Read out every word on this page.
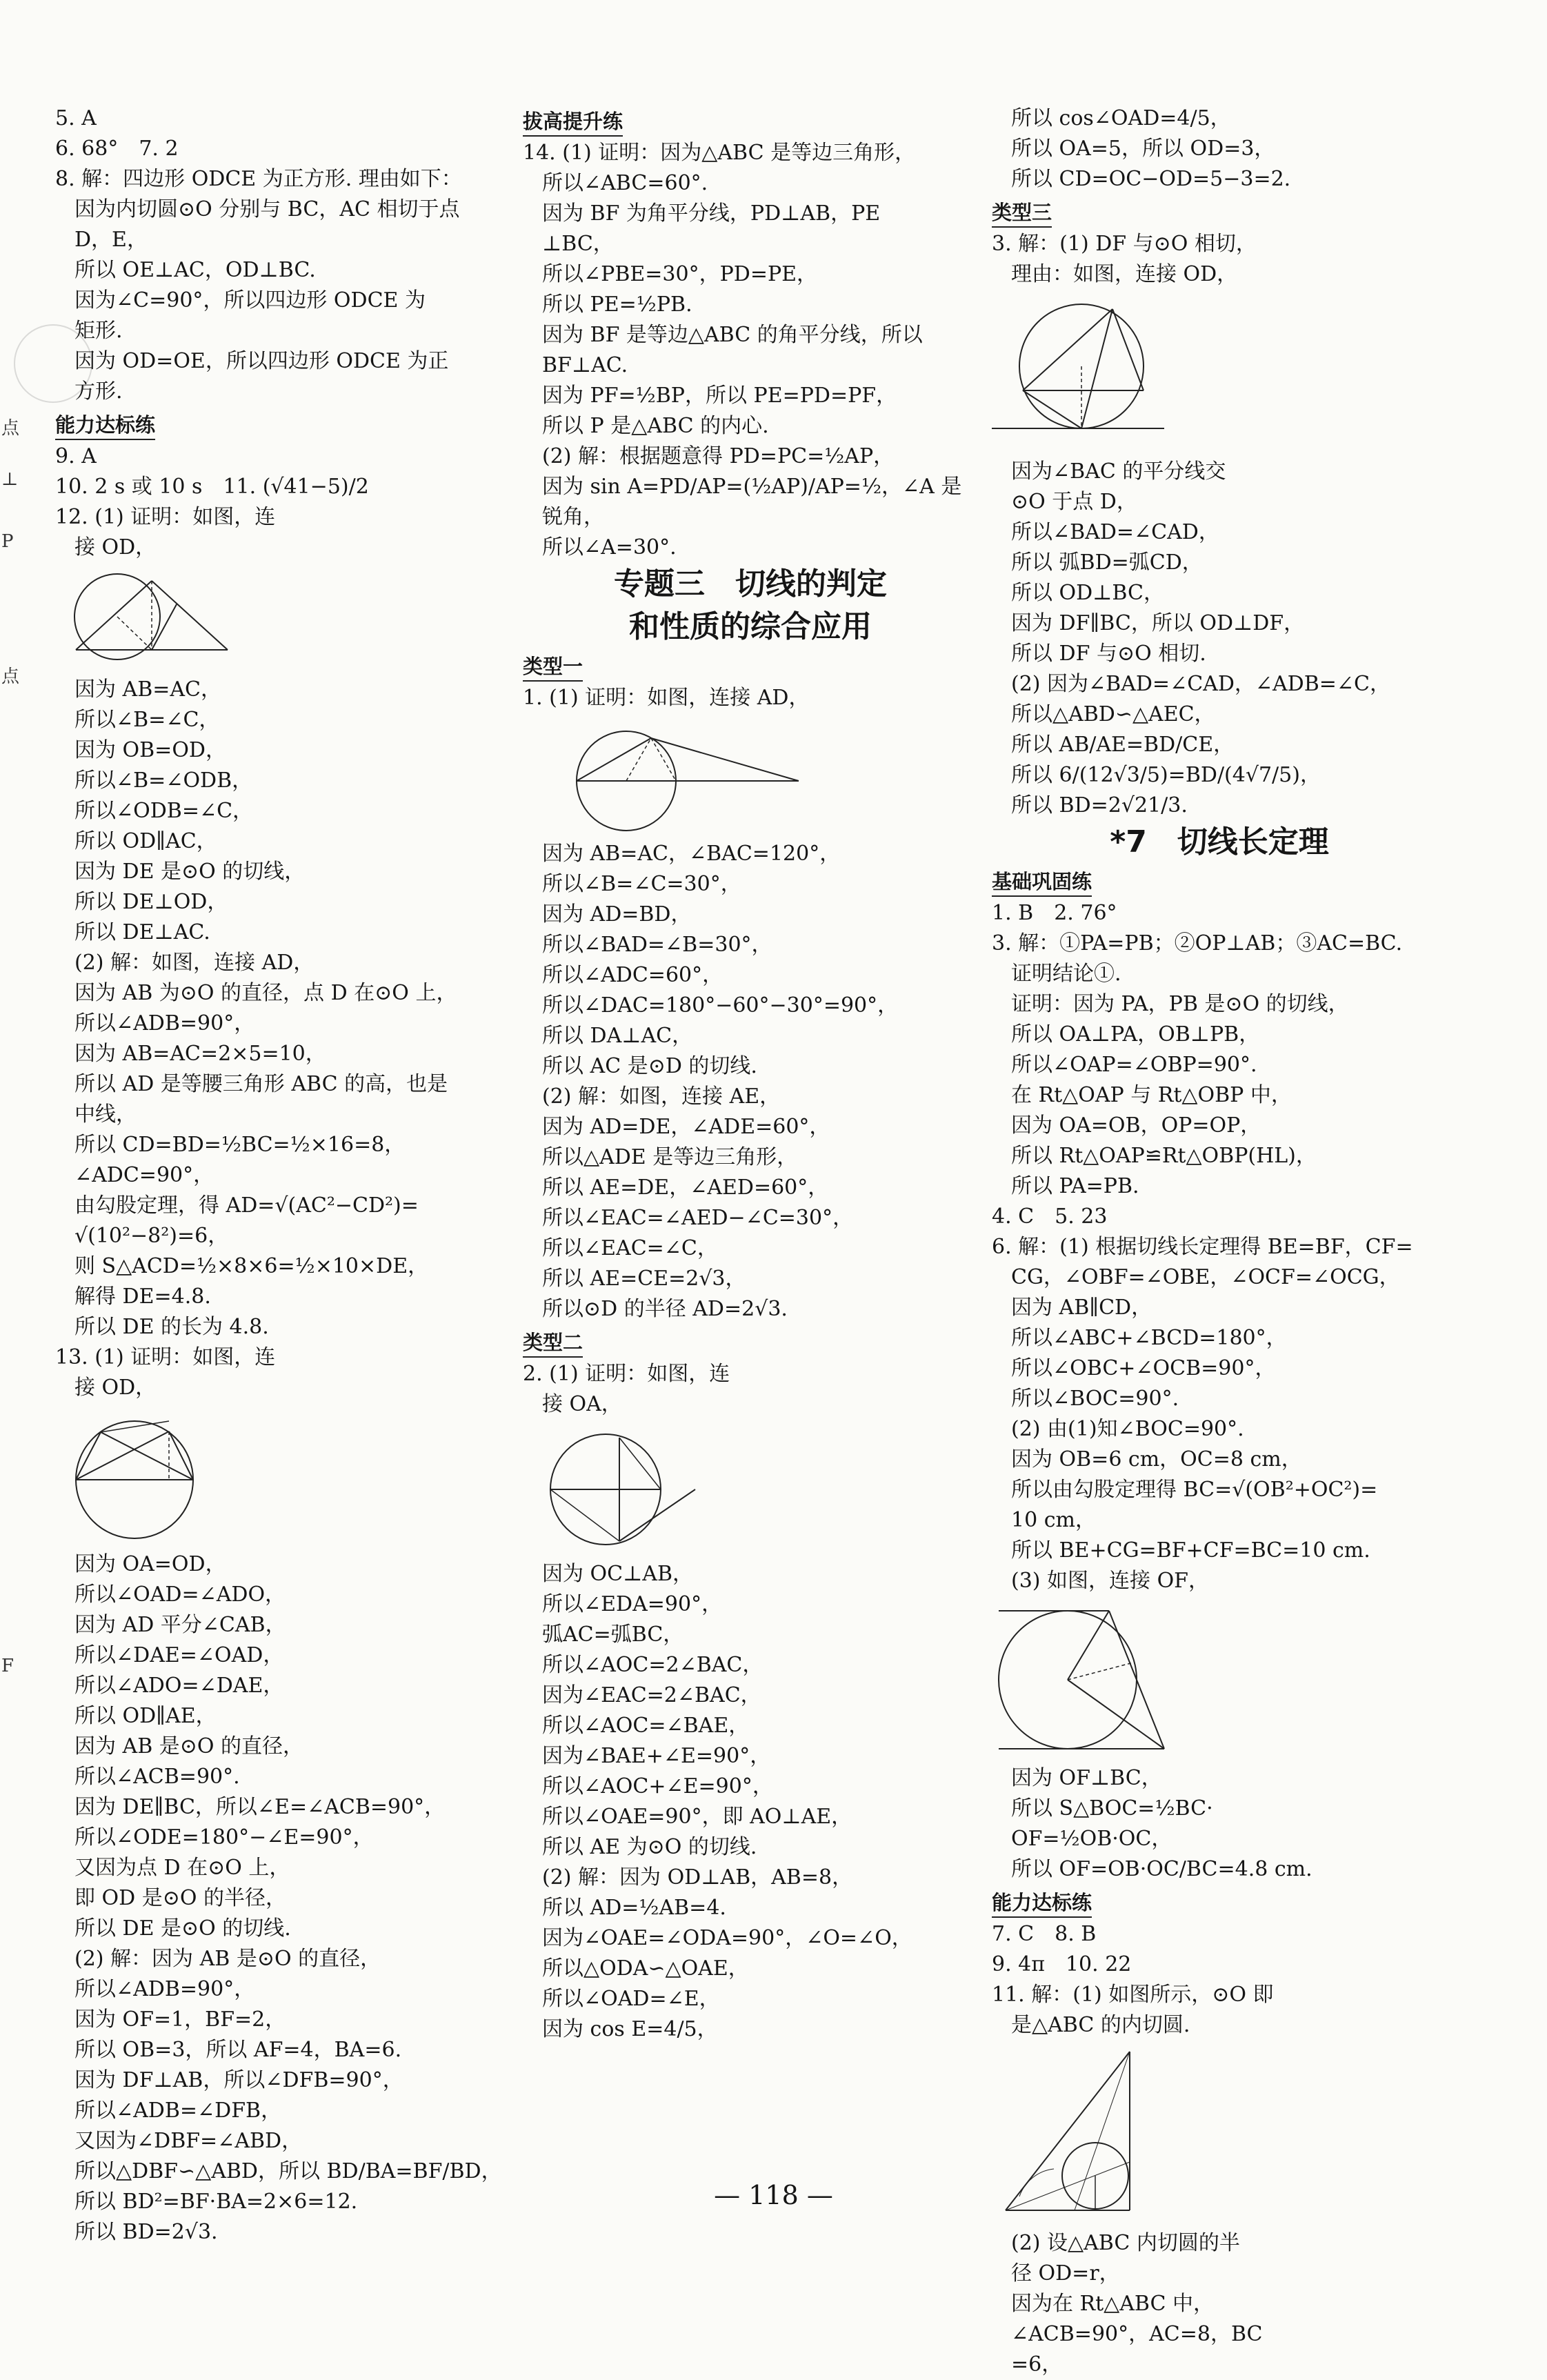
点
⊥
P
点
F
5. A
6. 68°　7. 2
8. 解：四边形 ODCE 为正方形. 理由如下：
因为内切圆⊙O 分别与 BC，AC 相切于点
D，E，
所以 OE⊥AC，OD⊥BC.
因为∠C=90°，所以四边形 ODCE 为
矩形.
因为 OD=OE，所以四边形 ODCE 为正
方形.
能力达标练
9. A
10. 2 s 或 10 s　11. (√41−5)/2
12. (1) 证明：如图，连
接 OD，
因为 AB=AC，
所以∠B=∠C，
因为 OB=OD，
所以∠B=∠ODB，
所以∠ODB=∠C，
所以 OD∥AC，
因为 DE 是⊙O 的切线，
所以 DE⊥OD，
所以 DE⊥AC.
(2) 解：如图，连接 AD，
因为 AB 为⊙O 的直径，点 D 在⊙O 上，
所以∠ADB=90°，
因为 AB=AC=2×5=10，
所以 AD 是等腰三角形 ABC 的高，也是
中线，
所以 CD=BD=½BC=½×16=8，
∠ADC=90°，
由勾股定理，得 AD=√(AC²−CD²)=
√(10²−8²)=6，
则 S△ACD=½×8×6=½×10×DE，
解得 DE=4.8.
所以 DE 的长为 4.8.
13. (1) 证明：如图，连
接 OD，
因为 OA=OD，
所以∠OAD=∠ADO，
因为 AD 平分∠CAB，
所以∠DAE=∠OAD，
所以∠ADO=∠DAE，
所以 OD∥AE，
因为 AB 是⊙O 的直径，
所以∠ACB=90°.
因为 DE∥BC，所以∠E=∠ACB=90°，
所以∠ODE=180°−∠E=90°，
又因为点 D 在⊙O 上，
即 OD 是⊙O 的半径，
所以 DE 是⊙O 的切线.
(2) 解：因为 AB 是⊙O 的直径，
所以∠ADB=90°，
因为 OF=1，BF=2，
所以 OB=3，所以 AF=4，BA=6.
因为 DF⊥AB，所以∠DFB=90°，
所以∠ADB=∠DFB，
又因为∠DBF=∠ABD，
所以△DBF∽△ABD，所以 BD/BA=BF/BD，
所以 BD²=BF·BA=2×6=12.
所以 BD=2√3.
拔高提升练
14. (1) 证明：因为△ABC 是等边三角形，
所以∠ABC=60°.
因为 BF 为角平分线，PD⊥AB，PE
⊥BC，
所以∠PBE=30°，PD=PE，
所以 PE=½PB.
因为 BF 是等边△ABC 的角平分线，所以
BF⊥AC.
因为 PF=½BP，所以 PE=PD=PF，
所以 P 是△ABC 的内心.
(2) 解：根据题意得 PD=PC=½AP，
因为 sin A=PD/AP=(½AP)/AP=½，∠A 是
锐角，
所以∠A=30°.
专题三　切线的判定
和性质的综合应用
类型一
1. (1) 证明：如图，连接 AD，
因为 AB=AC，∠BAC=120°，
所以∠B=∠C=30°，
因为 AD=BD，
所以∠BAD=∠B=30°，
所以∠ADC=60°，
所以∠DAC=180°−60°−30°=90°，
所以 DA⊥AC，
所以 AC 是⊙D 的切线.
(2) 解：如图，连接 AE，
因为 AD=DE，∠ADE=60°，
所以△ADE 是等边三角形，
所以 AE=DE，∠AED=60°，
所以∠EAC=∠AED−∠C=30°，
所以∠EAC=∠C，
所以 AE=CE=2√3，
所以⊙D 的半径 AD=2√3.
类型二
2. (1) 证明：如图，连
接 OA，
因为 OC⊥AB，
所以∠EDA=90°，
弧AC=弧BC，
所以∠AOC=2∠BAC，
因为∠EAC=2∠BAC，
所以∠AOC=∠BAE，
因为∠BAE+∠E=90°，
所以∠AOC+∠E=90°，
所以∠OAE=90°，即 AO⊥AE，
所以 AE 为⊙O 的切线.
(2) 解：因为 OD⊥AB，AB=8，
所以 AD=½AB=4.
因为∠OAE=∠ODA=90°，∠O=∠O，
所以△ODA∽△OAE，
所以∠OAD=∠E，
因为 cos E=4/5，
所以 cos∠OAD=4/5，
所以 OA=5，所以 OD=3，
所以 CD=OC−OD=5−3=2.
类型三
3. 解：(1) DF 与⊙O 相切，
理由：如图，连接 OD，
因为∠BAC 的平分线交
⊙O 于点 D，
所以∠BAD=∠CAD，
所以 弧BD=弧CD，
所以 OD⊥BC，
因为 DF∥BC，所以 OD⊥DF，
所以 DF 与⊙O 相切.
(2) 因为∠BAD=∠CAD，∠ADB=∠C，
所以△ABD∽△AEC，
所以 AB/AE=BD/CE，
所以 6/(12√3/5)=BD/(4√7/5)，
所以 BD=2√21/3.
*7　切线长定理
基础巩固练
1. B　2. 76°
3. 解：①PA=PB；②OP⊥AB；③AC=BC.
证明结论①.
证明：因为 PA，PB 是⊙O 的切线，
所以 OA⊥PA，OB⊥PB，
所以∠OAP=∠OBP=90°.
在 Rt△OAP 与 Rt△OBP 中，
因为 OA=OB，OP=OP，
所以 Rt△OAP≌Rt△OBP(HL)，
所以 PA=PB.
4. C　5. 23
6. 解：(1) 根据切线长定理得 BE=BF，CF=
CG，∠OBF=∠OBE，∠OCF=∠OCG，
因为 AB∥CD，
所以∠ABC+∠BCD=180°，
所以∠OBC+∠OCB=90°，
所以∠BOC=90°.
(2) 由(1)知∠BOC=90°.
因为 OB=6 cm，OC=8 cm，
所以由勾股定理得 BC=√(OB²+OC²)=
10 cm，
所以 BE+CG=BF+CF=BC=10 cm.
(3) 如图，连接 OF，
因为 OF⊥BC，
所以 S△BOC=½BC·
OF=½OB·OC，
所以 OF=OB·OC/BC=4.8 cm.
能力达标练
7. C　8. B
9. 4π　10. 22
11. 解：(1) 如图所示，⊙O 即
是△ABC 的内切圆.
(2) 设△ABC 内切圆的半
径 OD=r，
因为在 Rt△ABC 中，
∠ACB=90°，AC=8，BC
=6，
— 118 —
